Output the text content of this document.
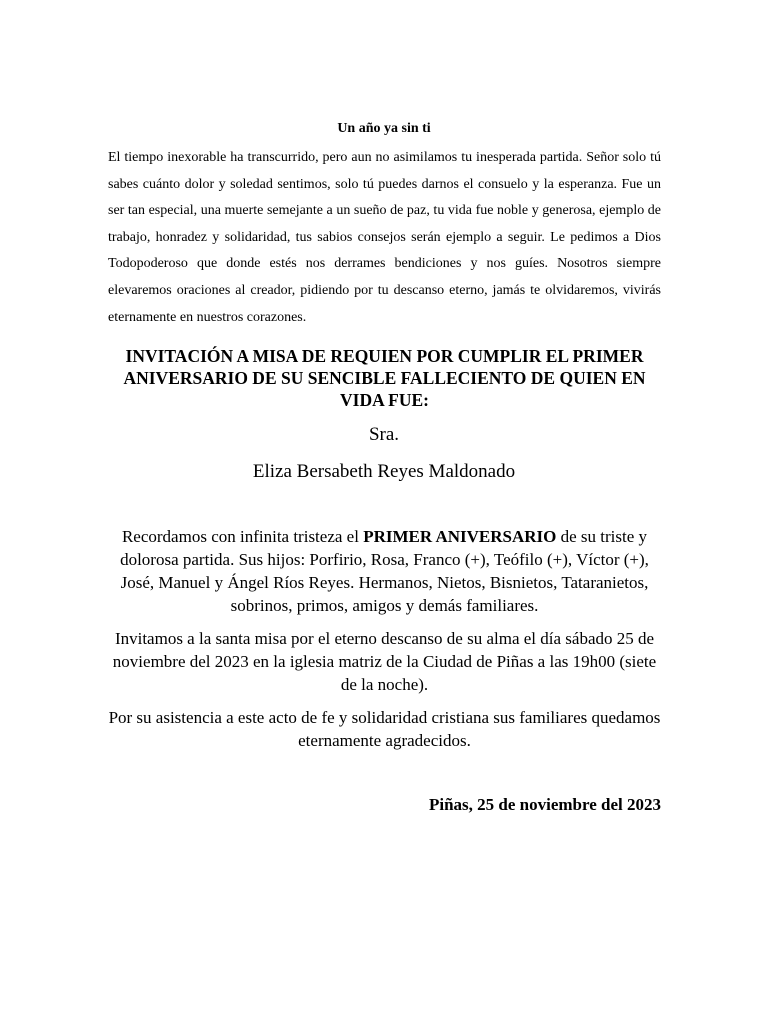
Un año ya sin ti
El tiempo inexorable ha transcurrido, pero aun no asimilamos tu inesperada partida. Señor solo tú sabes cuánto dolor y soledad sentimos, solo tú puedes darnos el consuelo y la esperanza. Fue un ser tan especial, una muerte semejante a un sueño de paz, tu vida fue noble y generosa, ejemplo de trabajo, honradez y solidaridad, tus sabios consejos serán ejemplo a seguir. Le pedimos a Dios Todopoderoso que donde estés nos derrames bendiciones y nos guíes. Nosotros siempre elevaremos oraciones al creador, pidiendo por tu descanso eterno, jamás te olvidaremos, vivirás eternamente en nuestros corazones.
INVITACIÓN A MISA DE REQUIEN POR CUMPLIR EL PRIMER ANIVERSARIO DE SU SENCIBLE FALLECIENTO DE QUIEN EN VIDA FUE:
Sra.
Eliza Bersabeth Reyes Maldonado

Recordamos con infinita tristeza el PRIMER ANIVERSARIO de su triste y dolorosa partida. Sus hijos: Porfirio, Rosa, Franco (+), Teófilo (+), Víctor (+), José, Manuel y Ángel Ríos Reyes. Hermanos, Nietos, Bisnietos, Tataranietos, sobrinos, primos, amigos y demás familiares.

Invitamos a la santa misa por el eterno descanso de su alma el día sábado 25 de noviembre del 2023 en la iglesia matriz de la Ciudad de Piñas a las 19h00 (siete de la noche).

Por su asistencia a este acto de fe y solidaridad cristiana sus familiares quedamos eternamente agradecidos.

Piñas, 25 de noviembre del 2023
